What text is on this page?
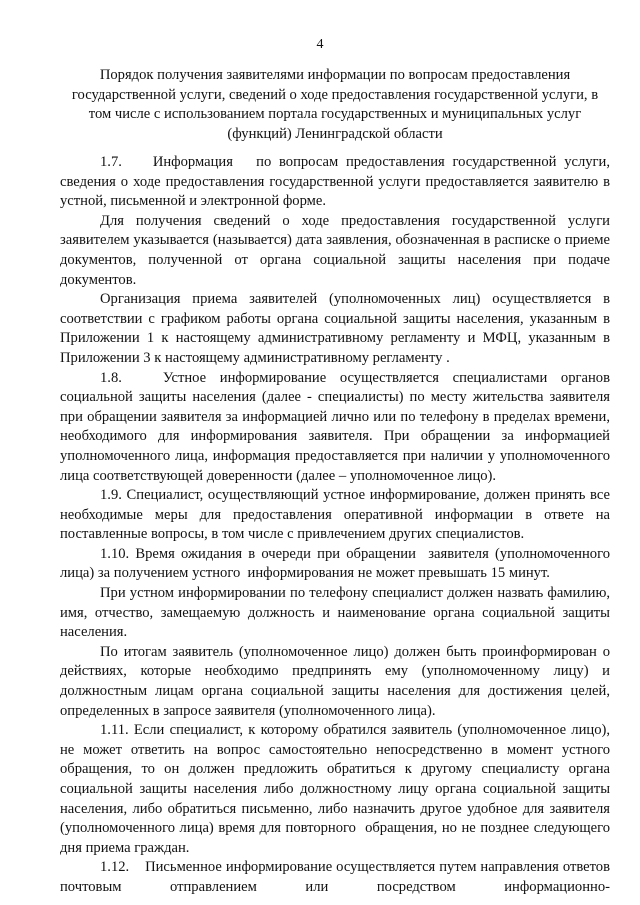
4

Порядок получения заявителями информации по вопросам предоставления

государственной услуги, сведений о ходе предоставления государственной услуги, в

том числе с использованием портала государственных и муниципальных услуг

(функций) Ленинградской области

1.7.    Информация   по вопросам предоставления государственной услуги, сведения о ходе предоставления государственной услуги предоставляется заявителю в устной, письменной и электронной форме.

Для получения сведений о ходе предоставления государственной услуги заявителем указывается (называется) дата заявления, обозначенная в расписке о приеме документов, полученной от органа социальной защиты населения при подаче документов.

Организация приема заявителей (уполномоченных лиц) осуществляется в соответствии с графиком работы органа социальной защиты населения, указанным в Приложении 1 к настоящему административному регламенту и МФЦ, указанным в Приложении 3 к настоящему административному регламенту .

1.8.   Устное информирование осуществляется специалистами органов социальной защиты населения (далее - специалисты) по месту жительства заявителя при обращении заявителя за информацией лично или по телефону в пределах времени, необходимого для информирования заявителя. При обращении за информацией уполномоченного лица, информация предоставляется при наличии у уполномоченного лица соответствующей доверенности (далее – уполномоченное лицо).

1.9. Специалист, осуществляющий устное информирование, должен принять все необходимые меры для предоставления оперативной информации в ответе на поставленные вопросы, в том числе с привлечением других специалистов.

1.10. Время ожидания в очереди при обращении  заявителя (уполномоченного лица) за получением устного  информирования не может превышать 15 минут.

При устном информировании по телефону специалист должен назвать фамилию, имя, отчество, замещаемую должность и наименование органа социальной защиты населения.

По итогам заявитель (уполномоченное лицо) должен быть проинформирован о действиях, которые необходимо предпринять ему (уполномоченному лицу) и должностным лицам органа социальной защиты населения для достижения целей, определенных в запросе заявителя (уполномоченного лица).

1.11. Если специалист, к которому обратился заявитель (уполномоченное лицо), не может ответить на вопрос самостоятельно непосредственно в момент устного обращения, то он должен предложить обратиться к другому специалисту органа социальной защиты населения либо должностному лицу органа социальной защиты населения, либо обратиться письменно, либо назначить другое удобное для заявителя (уполномоченного лица) время для повторного  обращения, но не позднее следующего дня приема граждан.

1.12.    Письменное информирование осуществляется путем направления ответов почтовым отправлением или посредством информационно-
